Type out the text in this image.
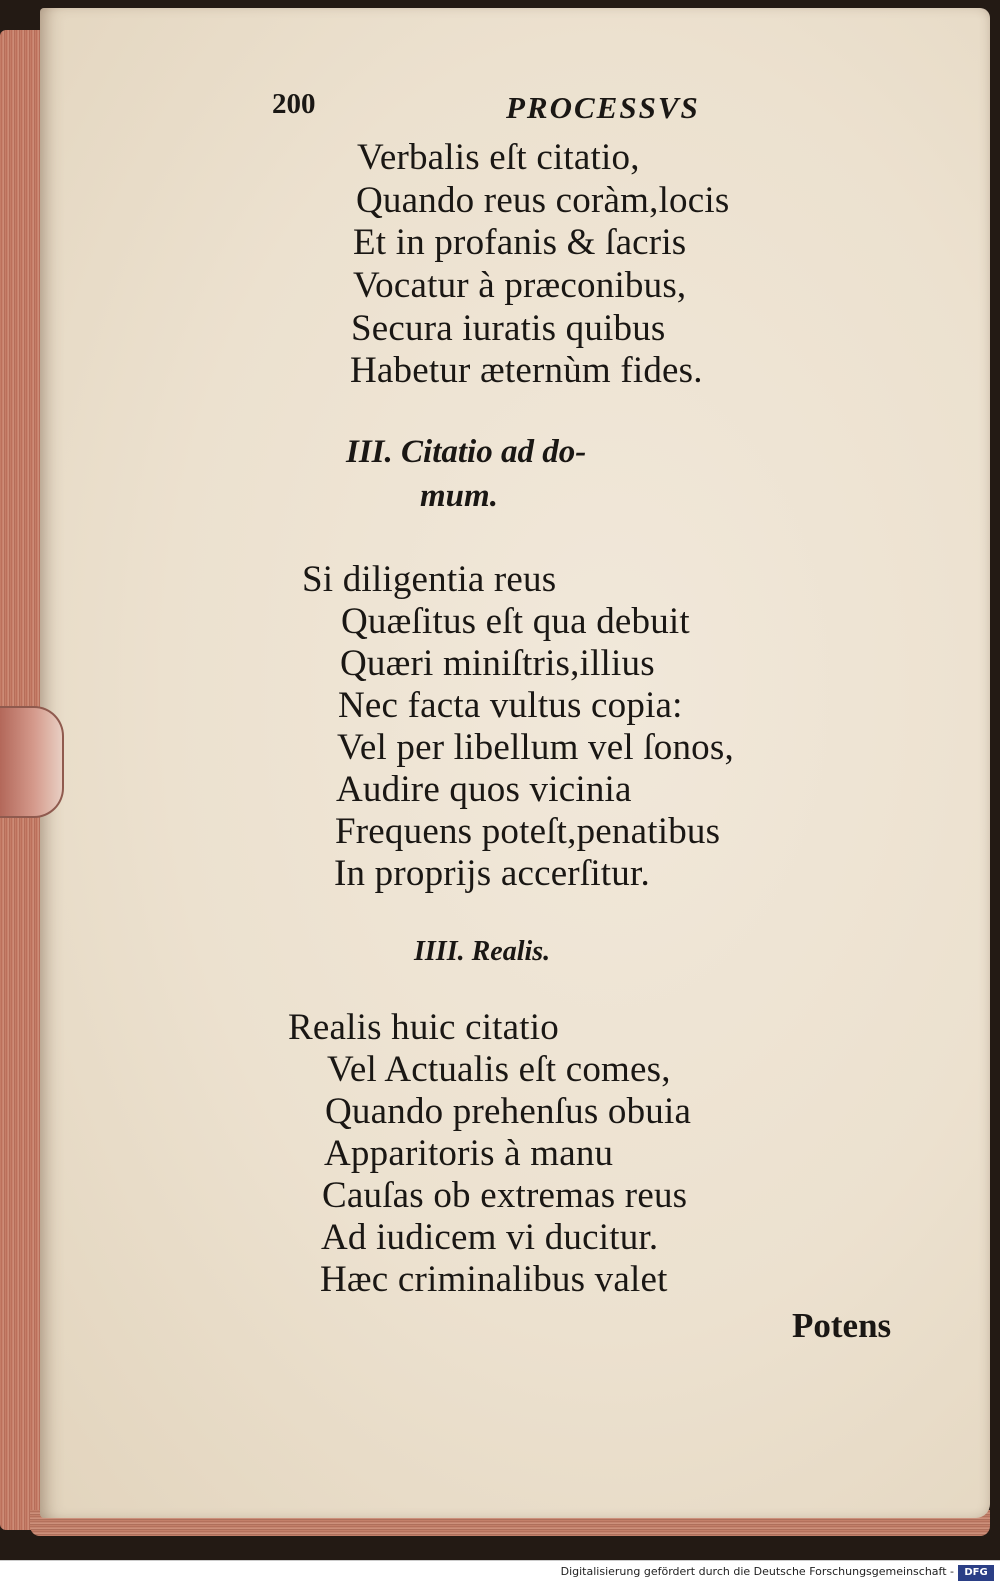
200	PROCESSVS
Verbalis eſt citatio,
Quando reus coràm,locis
Et in profanis & ſacris
Vocatur à præconibus,
Secura iuratis quibus
Habetur æternùm fides.
III. Citatio ad do-
mum.
Si diligentia reus
Quæſitus eſt qua debuit
Quæri miniſtris,illius
Nec facta vultus copia:
Vel per libellum vel ſonos,
Audire quos vicinia
Frequens poteſt,penatibus
In proprijs accerſitur.
IIII. Realis.
Realis huic citatio
Vel Actualis eſt comes,
Quando prehenſus obuia
Apparitoris à manu
Cauſas ob extremas reus
Ad iudicem vi ducitur.
Hæc criminalibus valet
Potens
Digitalisierung gefördert durch die Deutsche Forschungsgemeinschaft -	DFG
